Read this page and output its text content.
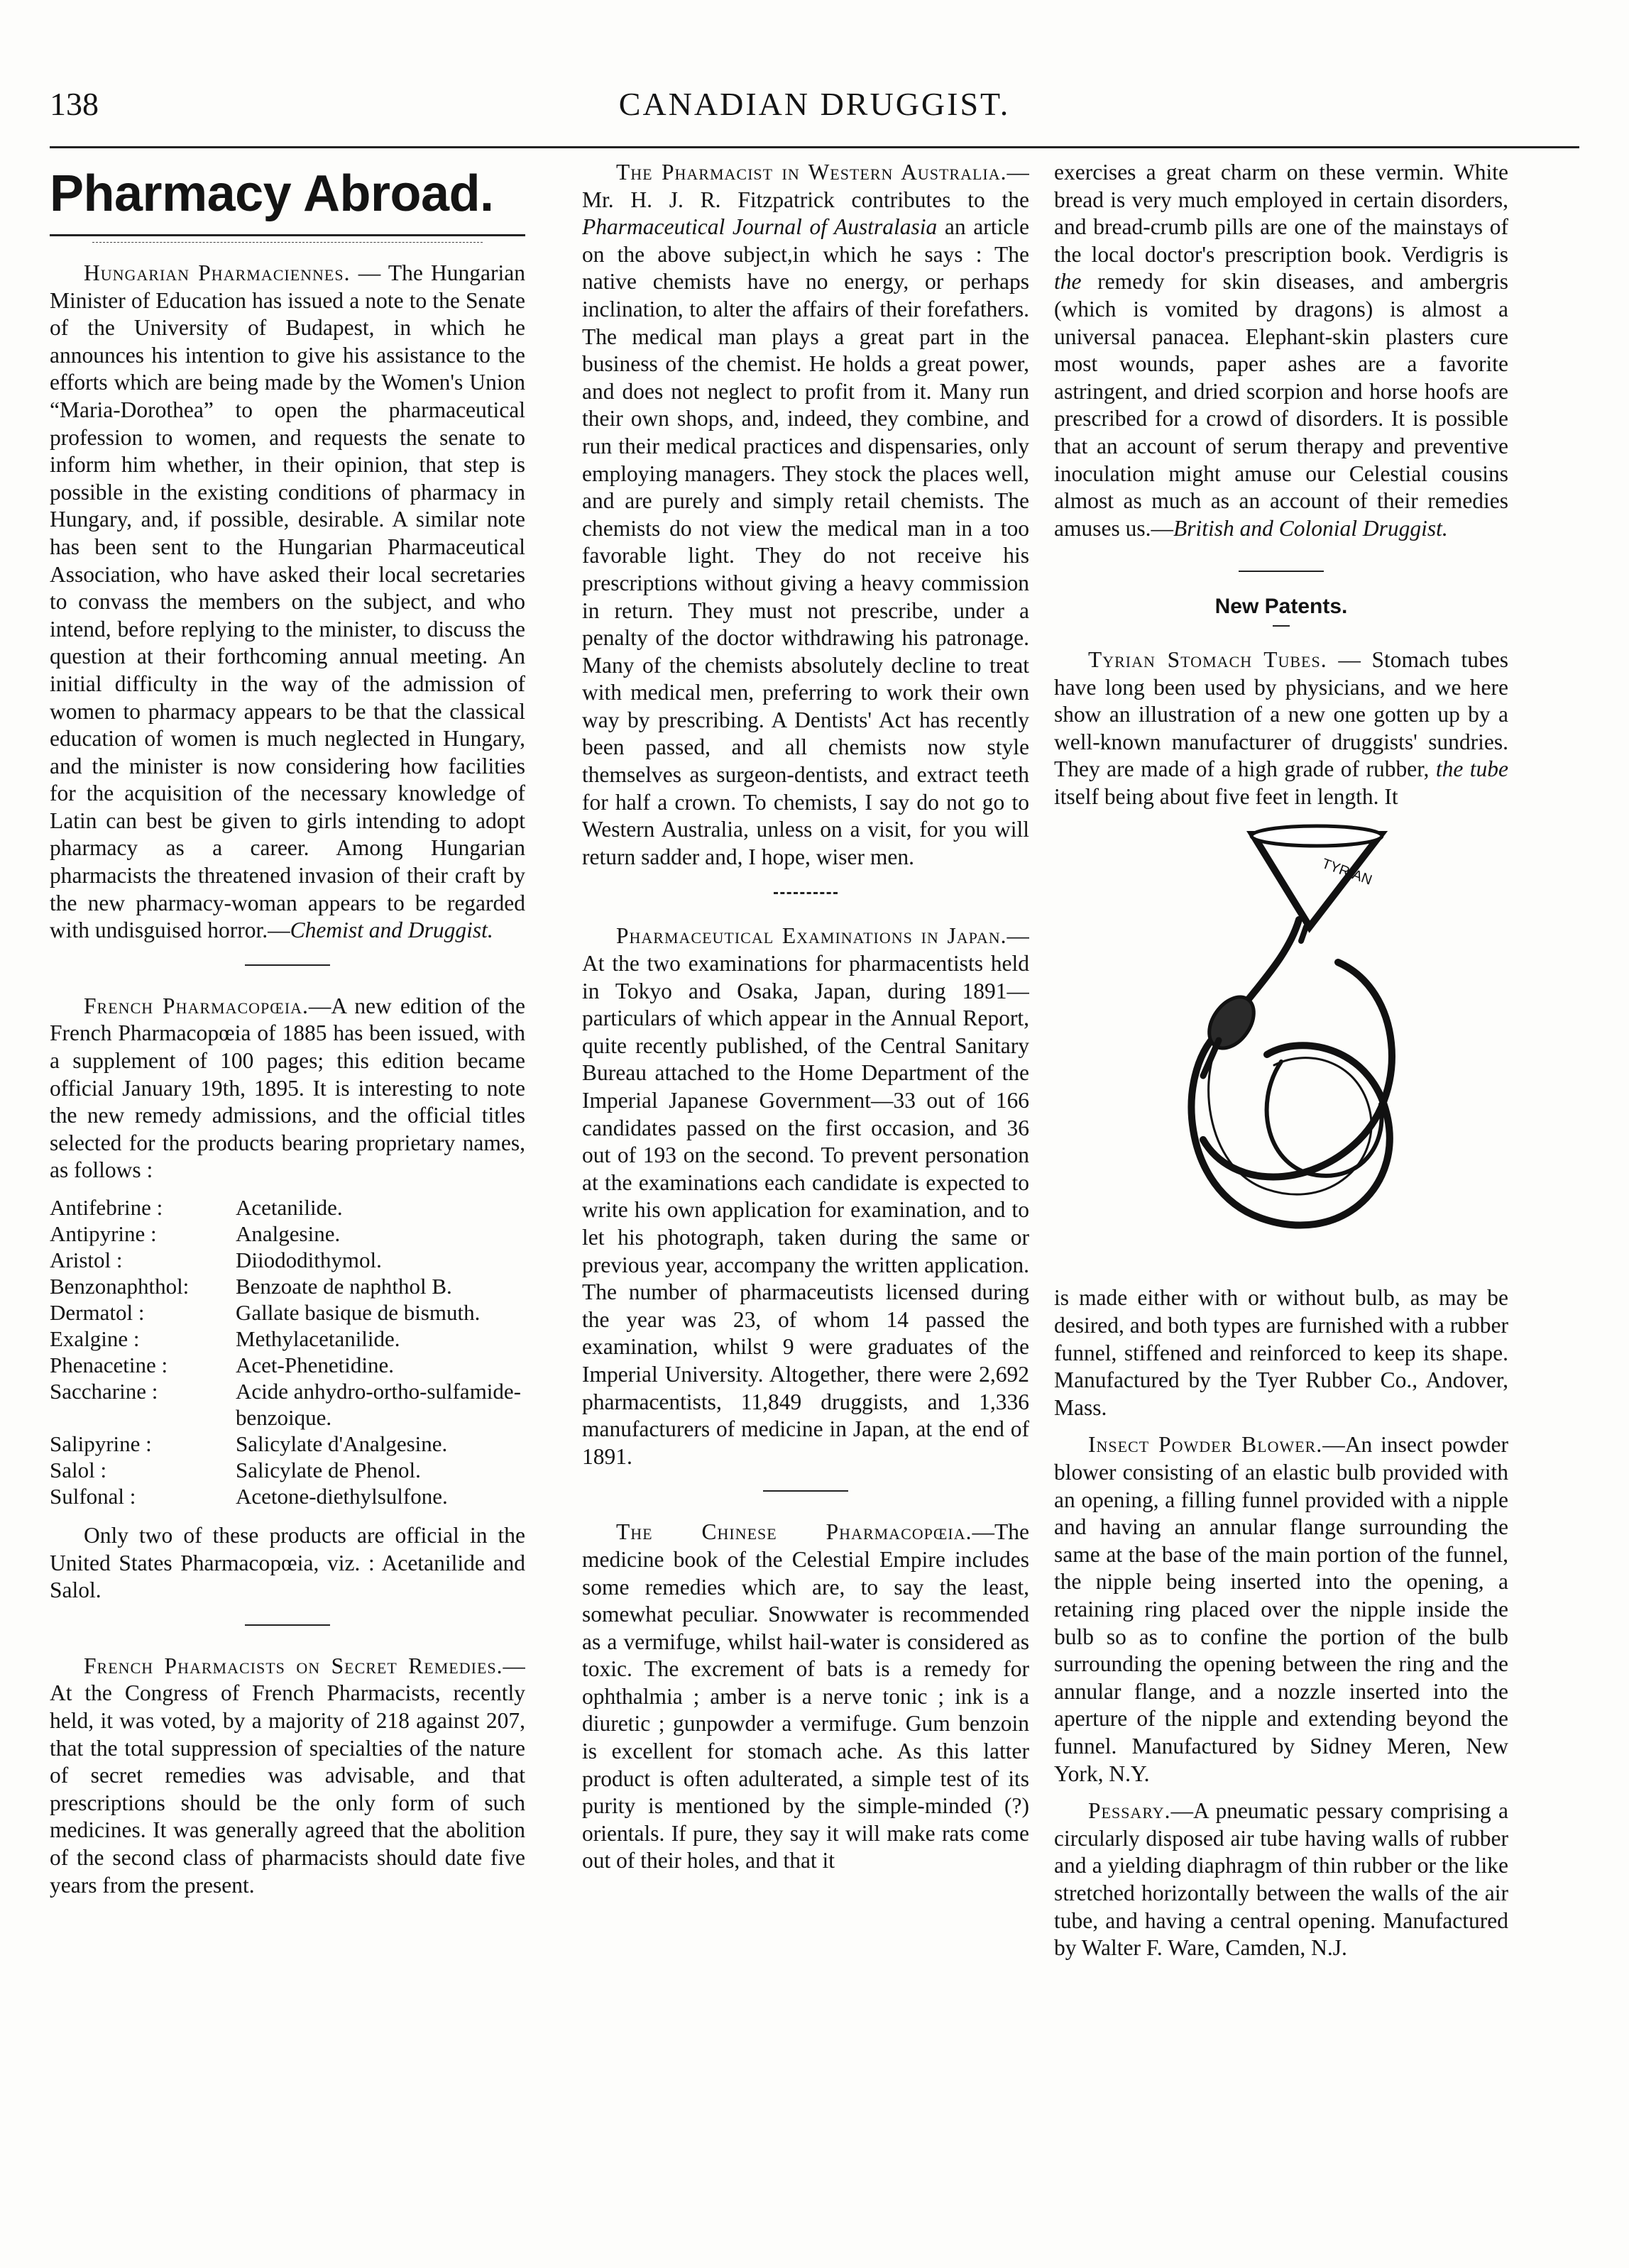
138	CANADIAN DRUGGIST.
Pharmacy Abroad.

Hungarian Pharmaciennes. — The Hungarian Minister of Education has issued a note to the Senate of the University of Budapest, in which he announces his intention to give his assistance to the efforts which are being made by the Women's Union “Maria-Dorothea” to open the pharmaceutical profession to women, and requests the senate to inform him whether, in their opinion, that step is possible in the existing conditions of pharmacy in Hungary, and, if possible, desirable. A similar note has been sent to the Hungarian Pharmaceutical Association, who have asked their local secretaries to convass the members on the subject, and who intend, before replying to the minister, to discuss the question at their forthcoming annual meeting. An initial difficulty in the way of the admission of women to pharmacy appears to be that the classical education of women is much neglected in Hungary, and the minister is now considering how facilities for the acquisition of the necessary knowledge of Latin can best be given to girls intending to adopt pharmacy as a career. Among Hungarian pharmacists the threatened invasion of their craft by the new pharmacy-woman appears to be regarded with undisguised horror.—Chemist and Druggist.

French Pharmacopœia.—A new edition of the French Pharmacopœia of 1885 has been issued, with a supplement of 100 pages; this edition became official January 19th, 1895. It is interesting to note the new remedy admissions, and the official titles selected for the products bearing proprietary names, as follows :

Antifebrine :	Acetanilide.
Antipyrine :	Analgesine.
Aristol :	Diiododithymol.
Benzonaphthol:	Benzoate de naphthol B.
Dermatol :	Gallate basique de bismuth.
Exalgine :	Methylacetanilide.
Phenacetine :	Acet-Phenetidine.
Saccharine :	Acide anhydro-ortho-sulfamide-benzoique.
Salipyrine :	Salicylate d'Analgesine.
Salol :	Salicylate de Phenol.
Sulfonal :	Acetone-diethylsulfone.

Only two of these products are official in the United States Pharmacopœia, viz. : Acetanilide and Salol.

French Pharmacists on Secret Remedies.—At the Congress of French Pharmacists, recently held, it was voted, by a majority of 218 against 207, that the total suppression of specialties of the nature of secret remedies was advisable, and that prescriptions should be the only form of such medicines. It was generally agreed that the abolition of the second class of pharmacists should date five years from the present.

The Pharmacist in Western Australia.—Mr. H. J. R. Fitzpatrick contributes to the Pharmaceutical Journal of Australasia an article on the above subject,in which he says : The native chemists have no energy, or perhaps inclination, to alter the affairs of their forefathers. The medical man plays a great part in the business of the chemist. He holds a great power, and does not neglect to profit from it. Many run their own shops, and, indeed, they combine, and run their medical practices and dispensaries, only employing managers. They stock the places well, and are purely and simply retail chemists. The chemists do not view the medical man in a too favorable light. They do not receive his prescriptions without giving a heavy commission in return. They must not prescribe, under a penalty of the doctor withdrawing his patronage. Many of the chemists absolutely decline to treat with medical men, preferring to work their own way by prescribing. A Dentists' Act has recently been passed, and all chemists now style themselves as surgeon-dentists, and extract teeth for half a crown. To chemists, I say do not go to Western Australia, unless on a visit, for you will return sadder and, I hope, wiser men.

Pharmaceutical Examinations in Japan.—At the two examinations for pharmacentists held in Tokyo and Osaka, Japan, during 1891—particulars of which appear in the Annual Report, quite recently published, of the Central Sanitary Bureau attached to the Home Department of the Imperial Japanese Government—33 out of 166 candidates passed on the first occasion, and 36 out of 193 on the second. To prevent personation at the examinations each candidate is expected to write his own application for examination, and to let his photograph, taken during the same or previous year, accompany the written application. The number of pharmaceutists licensed during the year was 23, of whom 14 passed the examination, whilst 9 were graduates of the Imperial University. Altogether, there were 2,692 pharmacentists, 11,849 druggists, and 1,336 manufacturers of medicine in Japan, at the end of 1891.

The Chinese Pharmacopœia.—The medicine book of the Celestial Empire includes some remedies which are, to say the least, somewhat peculiar. Snowwater is recommended as a vermifuge, whilst hail-water is considered as toxic. The excrement of bats is a remedy for ophthalmia ; amber is a nerve tonic ; ink is a diuretic ; gunpowder a vermifuge. Gum benzoin is excellent for stomach ache. As this latter product is often adulterated, a simple test of its purity is mentioned by the simple-minded (?) orientals. If pure, they say it will make rats come out of their holes, and that it

exercises a great charm on these vermin. White bread is very much employed in certain disorders, and bread-crumb pills are one of the mainstays of the local doctor's prescription book. Verdigris is the remedy for skin diseases, and ambergris (which is vomited by dragons) is almost a universal panacea. Elephant-skin plasters cure most wounds, paper ashes are a favorite astringent, and dried scorpion and horse hoofs are prescribed for a crowd of disorders. It is possible that an account of serum therapy and preventive inoculation might amuse our Celestial cousins almost as much as an account of their remedies amuses us.—British and Colonial Druggist.

New Patents.

Tyrian Stomach Tubes. — Stomach tubes have long been used by physicians, and we here show an illustration of a new one gotten up by a well-known manufacturer of druggists' sundries. They are made of a high grade of rubber, the tube itself being about five feet in length. It

TYRIAN

is made either with or without bulb, as may be desired, and both types are furnished with a rubber funnel, stiffened and reinforced to keep its shape. Manufactured by the Tyer Rubber Co., Andover, Mass.

Insect Powder Blower.—An insect powder blower consisting of an elastic bulb provided with an opening, a filling funnel provided with a nipple and having an annular flange surrounding the same at the base of the main portion of the funnel, the nipple being inserted into the opening, a retaining ring placed over the nipple inside the bulb so as to confine the portion of the bulb surrounding the opening between the ring and the annular flange, and a nozzle inserted into the aperture of the nipple and extending beyond the funnel. Manufactured by Sidney Meren, New York, N.Y.

Pessary.—A pneumatic pessary comprising a circularly disposed air tube having walls of rubber and a yielding diaphragm of thin rubber or the like stretched horizontally between the walls of the air tube, and having a central opening. Manufactured by Walter F. Ware, Camden, N.J.
